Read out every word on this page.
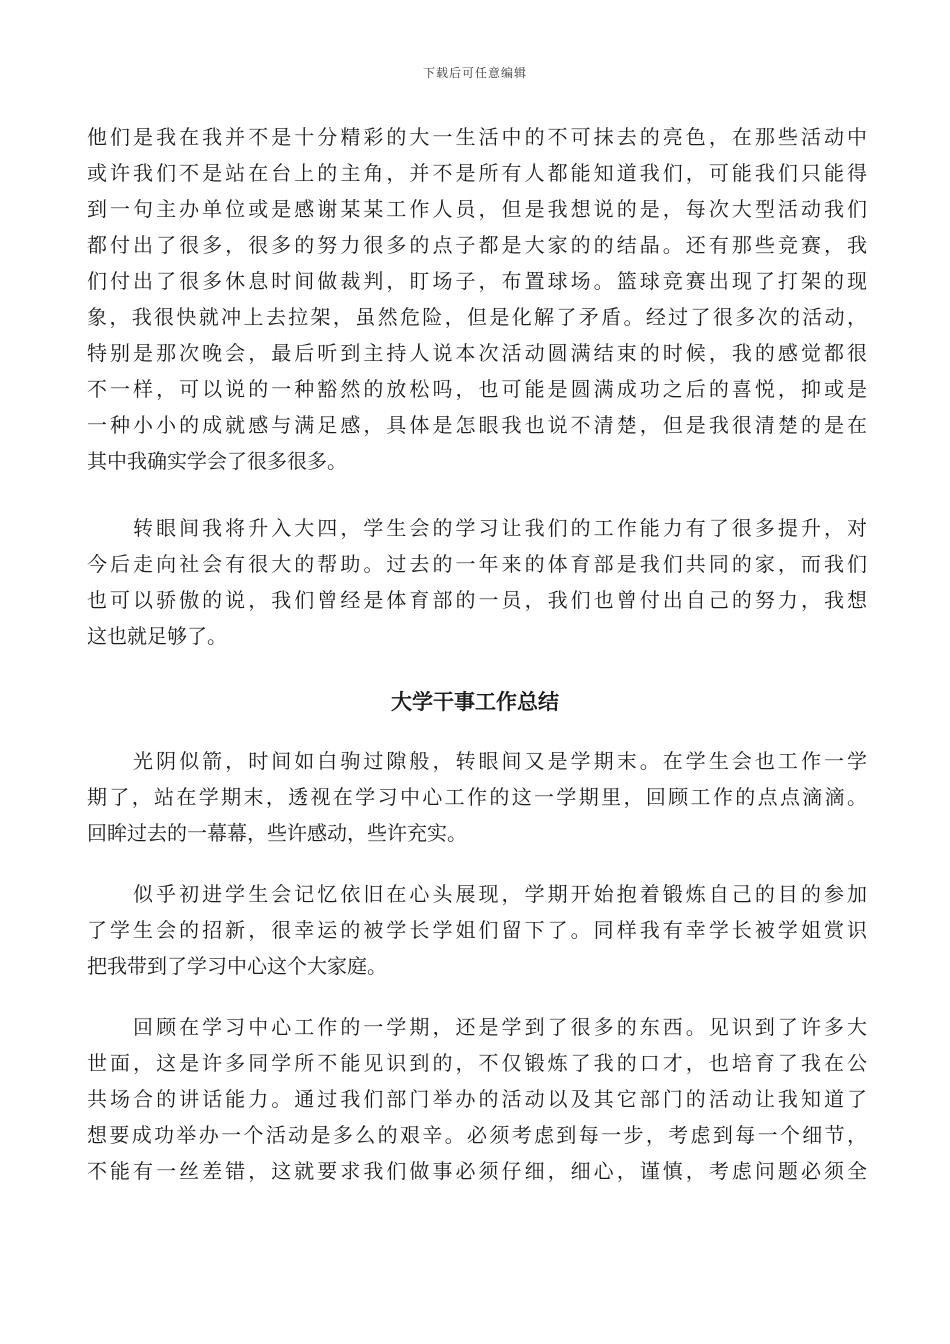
下载后可任意编辑
他们是我在我并不是十分精彩的大一生活中的不可抹去的亮色，在那些活动中
或许我们不是站在台上的主角，并不是所有人都能知道我们，可能我们只能得
到一句主办单位或是感谢某某工作人员，但是我想说的是，每次大型活动我们
都付出了很多，很多的努力很多的点子都是大家的的结晶。还有那些竞赛，我
们付出了很多休息时间做裁判，盯场子，布置球场。篮球竞赛出现了打架的现
象，我很快就冲上去拉架，虽然危险，但是化解了矛盾。经过了很多次的活动，
特别是那次晚会，最后听到主持人说本次活动圆满结束的时候，我的感觉都很
不一样，可以说的一种豁然的放松吗，也可能是圆满成功之后的喜悦，抑或是
一种小小的成就感与满足感，具体是怎眼我也说不清楚，但是我很清楚的是在
其中我确实学会了很多很多。
　　转眼间我将升入大四，学生会的学习让我们的工作能力有了很多提升，对
今后走向社会有很大的帮助。过去的一年来的体育部是我们共同的家，而我们
也可以骄傲的说，我们曾经是体育部的一员，我们也曾付出自己的努力，我想
这也就足够了。
大学干事工作总结
　　光阴似箭，时间如白驹过隙般，转眼间又是学期末。在学生会也工作一学
期了，站在学期末，透视在学习中心工作的这一学期里，回顾工作的点点滴滴。
回眸过去的一幕幕，些许感动，些许充实。
　　似乎初进学生会记忆依旧在心头展现，学期开始抱着锻炼自己的目的参加
了学生会的招新，很幸运的被学长学姐们留下了。同样我有幸学长被学姐赏识
把我带到了学习中心这个大家庭。
　　回顾在学习中心工作的一学期，还是学到了很多的东西。见识到了许多大
世面，这是许多同学所不能见识到的，不仅锻炼了我的口才，也培育了我在公
共场合的讲话能力。通过我们部门举办的活动以及其它部门的活动让我知道了
想要成功举办一个活动是多么的艰辛。必须考虑到每一步，考虑到每一个细节，
不能有一丝差错，这就要求我们做事必须仔细，细心，谨慎，考虑问题必须全
